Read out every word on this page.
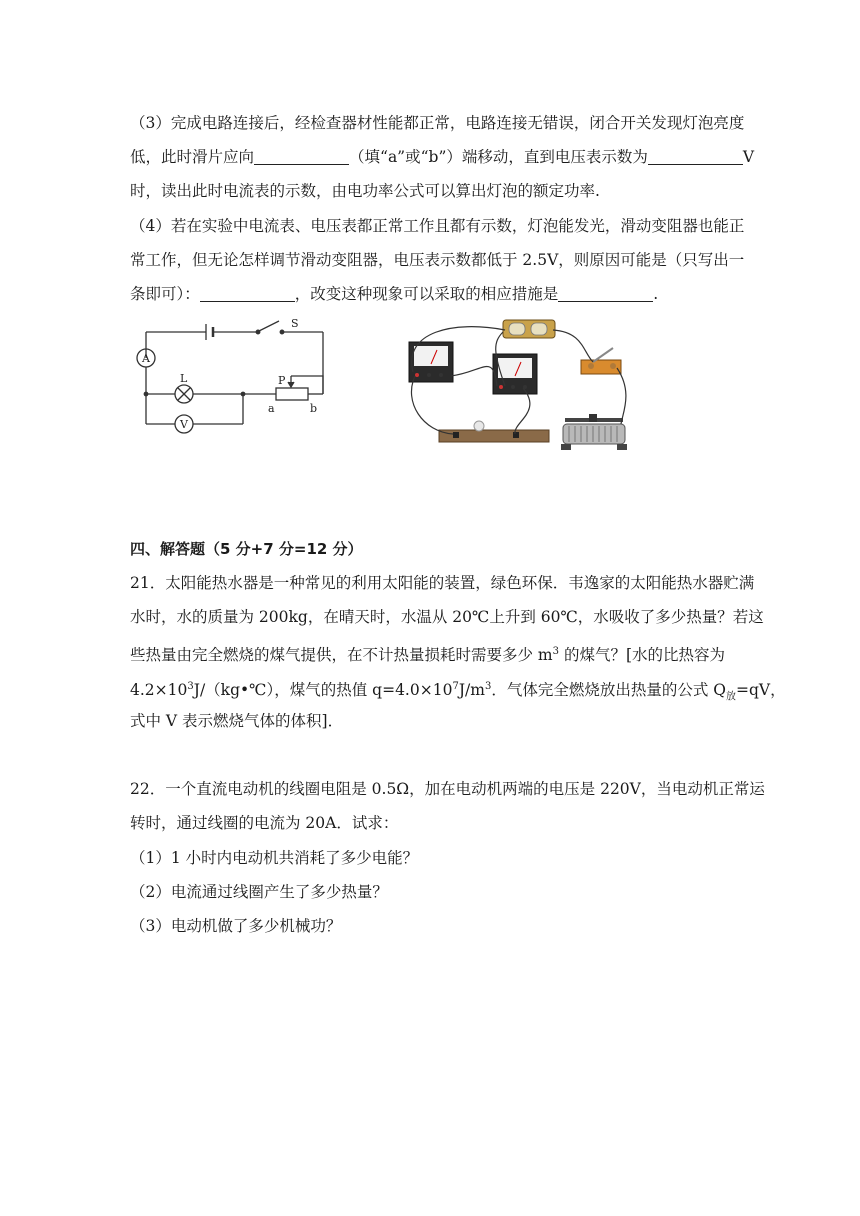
（3）完成电路连接后，经检查器材性能都正常，电路连接无错误，闭合开关发现灯泡亮度
低，此时滑片应向	（填“a”或“b”）端移动，直到电压表示数为	V
时，读出此时电流表的示数，由电功率公式可以算出灯泡的额定功率.
（4）若在实验中电流表、电压表都正常工作且都有示数，灯泡能发光，滑动变阻器也能正
常工作，但无论怎样调节滑动变阻器，电压表示数都低于 2.5V，则原因可能是（只写出一
条即可）：	，改变这种现象可以采取的相应措施是	.
S
A
L
V
P
a	b
四、解答题（5 分+7 分=12 分）
21．太阳能热水器是一种常见的利用太阳能的装置，绿色环保．韦逸家的太阳能热水器贮满
水时，水的质量为 200kg，在晴天时，水温从 20℃上升到 60℃，水吸收了多少热量？若这
些热量由完全燃烧的煤气提供，在不计热量损耗时需要多少 $m^3$ 的煤气？[水的比热容为
$4.2\times 10^3J/(kg•℃)$，煤气的热值 $q=4.0\times 10^7J/m^3$．气体完全燃烧放出热量的公式 $Q_放=qV$，
式中 V 表示燃烧气体的体积]．
22．一个直流电动机的线圈电阻是 0.5Ω，加在电动机两端的电压是 220V，当电动机正常运
转时，通过线圈的电流为 20A．试求：
（1）1 小时内电动机共消耗了多少电能？
（2）电流通过线圈产生了多少热量？
（3）电动机做了多少机械功？
